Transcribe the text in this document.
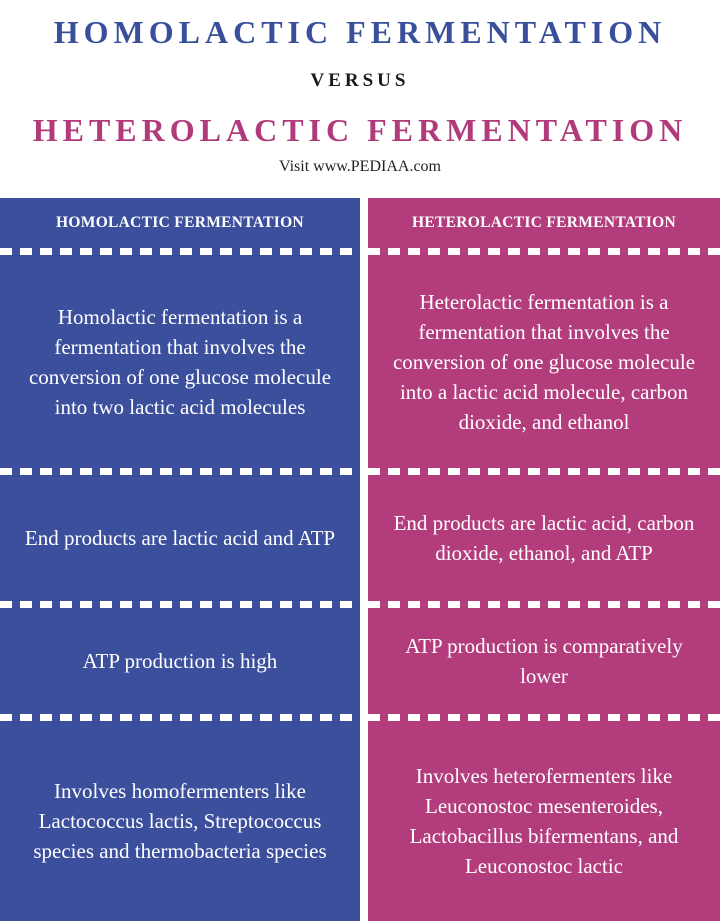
HOMOLACTIC FERMENTATION
VERSUS
HETEROLACTIC FERMENTATION
Visit www.PEDIAA.com
HOMOLACTIC FERMENTATION
Homolactic fermentation is a fermentation that involves the conversion of one glucose molecule into two lactic acid molecules
End products are lactic acid and ATP
ATP production is high
Involves homofermenters like Lactococcus lactis, Streptococcus species and thermobacteria species
HETEROLACTIC FERMENTATION
Heterolactic fermentation is a fermentation that involves the conversion of one glucose molecule into a lactic acid molecule, carbon dioxide, and ethanol
End products are lactic acid, carbon dioxide, ethanol, and ATP
ATP production is comparatively lower
Involves heterofermenters like Leuconostoc mesenteroides, Lactobacillus bifermentans, and Leuconostoc lactic
